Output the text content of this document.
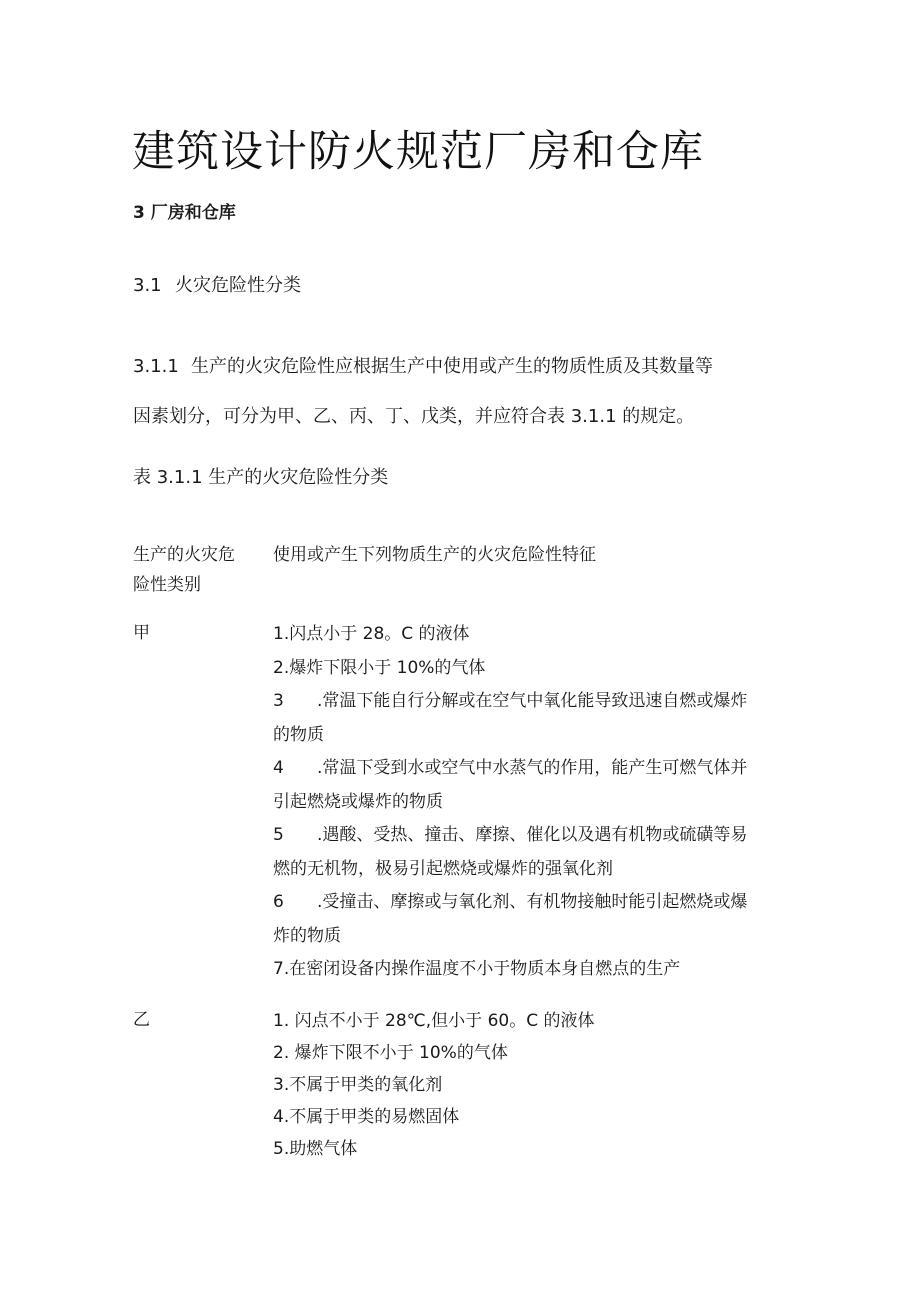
建筑设计防火规范厂房和仓库
3 厂房和仓库
3.1 火灾危险性分类
3.1.1 生产的火灾危险性应根据生产中使用或产生的物质性质及其数量等
因素划分，可分为甲、乙、丙、丁、戊类，并应符合表 3.1.1 的规定。
表 3.1.1 生产的火灾危险性分类
生产的火灾危
险性类别
使用或产生下列物质生产的火灾危险性特征
甲	1.闪点小于 28。C 的液体
2.爆炸下限小于 10%的气体
3 .常温下能自行分解或在空气中氧化能导致迅速自燃或爆炸
的物质
4 .常温下受到水或空气中水蒸气的作用，能产生可燃气体并
引起燃烧或爆炸的物质
5 .遇酸、受热、撞击、摩擦、催化以及遇有机物或硫磺等易
燃的无机物，极易引起燃烧或爆炸的强氧化剂
6 .受撞击、摩擦或与氧化剂、有机物接触时能引起燃烧或爆
炸的物质
7.在密闭设备内操作温度不小于物质本身自燃点的生产
乙	1. 闪点不小于 28℃,但小于 60。C 的液体
2. 爆炸下限不小于 10%的气体
3.不属于甲类的氧化剂
4.不属于甲类的易燃固体
5.助燃气体
